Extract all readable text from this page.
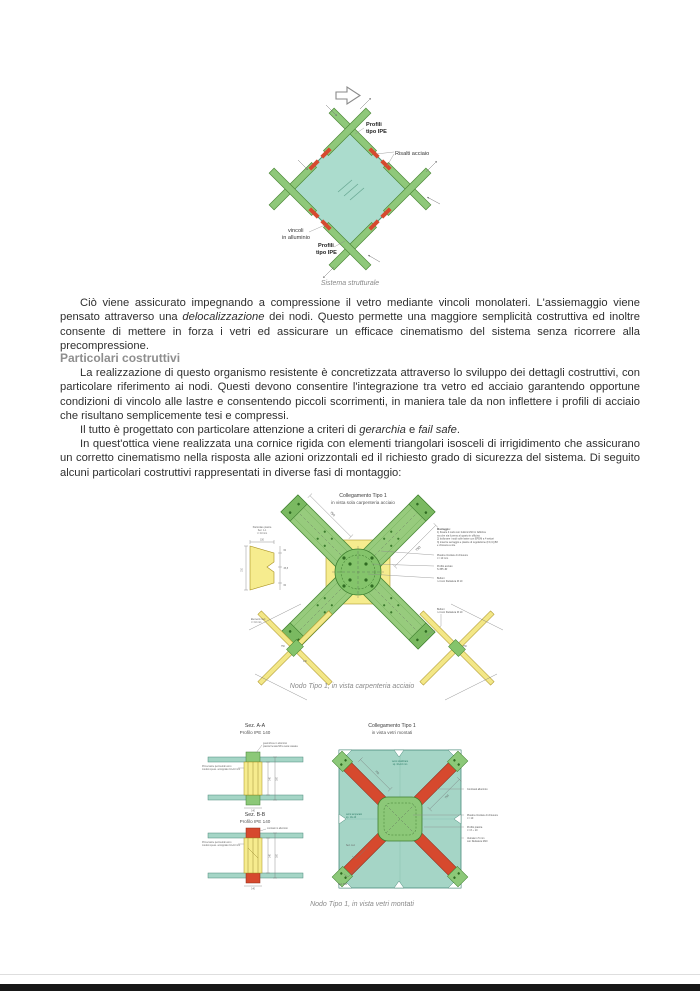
Profili
tipo IPE
Risalti acciaio
vincoli
in alluminio
Profili
tipo IPE
Sistema strutturale

Ciò viene assicurato impegnando a compressione il vetro mediante vincoli monolateri. L'assiemaggio viene pensato attraverso una delocalizzazione dei nodi. Questo permette una maggiore semplicità costruttiva ed inoltre consente di mettere in forza i vetri ed assicurare un efficace cinematismo del sistema senza ricorrere alla precompressione.

Particolari costruttivi

La realizzazione di questo organismo resistente è concretizzata attraverso lo sviluppo dei dettagli costruttivi, con particolare riferimento ai nodi. Questi devono consentire l'integrazione tra vetro ed acciaio garantendo opportune condizioni di vincolo alle lastre e consentendo piccoli scorrimenti, in maniera tale da non inflettere i profili di acciaio che risultano semplicemente tesi e compressi.

Il tutto è progettato con particolare attenzione a criteri di gerarchia e fail safe.

In quest'ottica viene realizzata una cornice rigida con elementi triangolari isosceli di irrigidimento che assicurano un corretto cinematismo nella risposta alle azioni orizzontali ed il richiesto grado di sicurezza del sistema. Di seguito alcuni particolari costruttivi rappresentati in diverse fasi di montaggio:

Collegamento Tipo 1
in vista sola carpenteria acciaio
750
750
Montaggio:
1) fissare il nodo con bulloni M10 in fabbrica
ma che sia il perno al quarto in officina
2) bullonare i nodi sulle lastre con EPDM a 4 settori
3) inserire serraggio e piastre di regolazione (FC,C),B8
e chiusura a vite
Piastra circolare di chiusura
t = 10 mm
Profilo acciaio
S 355 JR
Bulloni
n.4 con filettatura M 10
Bulloni
n.4 con filettatura M 10
Particolare piastra
Sez. 1-1
t = 10 mm
150
310
60
45,8
60
Elementi rinvii
t = 10 mm
750
140
750
Nodo Tipo 1, in vista carpenteria acciaio
Sez. A-A
Profilo IPE 140
140 160
140
Prime lastre perimetrali vetro
modulo spess. accoppiato 10+10 mm
guarnizione in alluminio
piastra frenata M8 a testa svasata
Sez. B-B
Profilo IPE 140
140 160
140
contrasti in alluminio
Prime lastre perimetrali vetro
modulo spess. accoppiato 10+10 mm
Collegamento Tipo 1
in vista vetri montati
750
750
Sez. A-A
Sez. B-B
vetro stratificato
sp. 10+10 mm
vetro temperato
sp. 10+10
Contrasti alluminio
Piastra circolare di chiusura
t = 10
Profilo piastra
t = 8 ÷ 10
Vetrata in 5 mm
con filettatura M10
Nodo Tipo 1, in vista vetri montati
